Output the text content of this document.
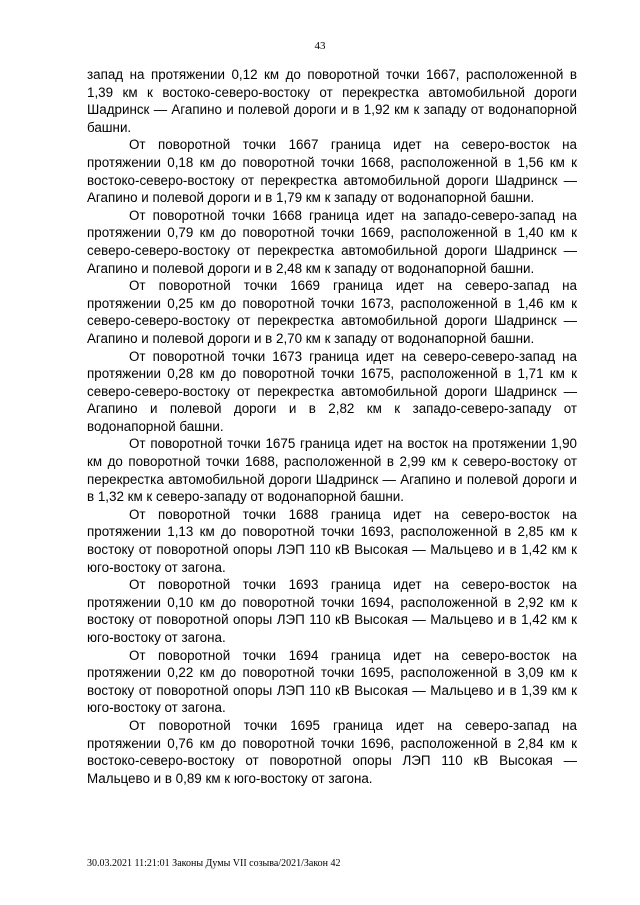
43

запад на протяжении 0,12 км до поворотной точки 1667, расположенной в 1,39 км к востоко-северо-востоку от перекрестка автомобильной дороги Шадринск — Агапино и полевой дороги и в 1,92 км к западу от водонапорной башни.

От поворотной точки 1667 граница идет на северо-восток на протяжении 0,18 км до поворотной точки 1668, расположенной в 1,56 км к востоко-северо-востоку от перекрестка автомобильной дороги Шадринск — Агапино и полевой дороги и в 1,79 км к западу от водонапорной башни.

От поворотной точки 1668 граница идет на западо-северо-запад на протяжении 0,79 км до поворотной точки 1669, расположенной в 1,40 км к северо-северо-востоку от перекрестка автомобильной дороги Шадринск — Агапино и полевой дороги и в 2,48 км к западу от водонапорной башни.

От поворотной точки 1669 граница идет на северо-запад на протяжении 0,25 км до поворотной точки 1673, расположенной в 1,46 км к северо-северо-востоку от перекрестка автомобильной дороги Шадринск — Агапино и полевой дороги и в 2,70 км к западу от водонапорной башни.

От поворотной точки 1673 граница идет на северо-северо-запад на протяжении 0,28 км до поворотной точки 1675, расположенной в 1,71 км к северо-северо-востоку от перекрестка автомобильной дороги Шадринск — Агапино и полевой дороги и в 2,82 км к западо-северо-западу от водонапорной башни.

От поворотной точки 1675 граница идет на восток на протяжении 1,90 км до поворотной точки 1688, расположенной в 2,99 км к северо-востоку от перекрестка автомобильной дороги Шадринск — Агапино и полевой дороги и в 1,32 км к северо-западу от водонапорной башни.

От поворотной точки 1688 граница идет на северо-восток на протяжении 1,13 км до поворотной точки 1693, расположенной в 2,85 км к востоку от поворотной опоры ЛЭП 110 кВ Высокая — Мальцево и в 1,42 км к юго-востоку от загона.

От поворотной точки 1693 граница идет на северо-восток на протяжении 0,10 км до поворотной точки 1694, расположенной в 2,92 км к востоку от поворотной опоры ЛЭП 110 кВ Высокая — Мальцево и в 1,42 км к юго-востоку от загона.

От поворотной точки 1694 граница идет на северо-восток на протяжении 0,22 км до поворотной точки 1695, расположенной в 3,09 км к востоку от поворотной опоры ЛЭП 110 кВ Высокая — Мальцево и в 1,39 км к юго-востоку от загона.

От поворотной точки 1695 граница идет на северо-запад на протяжении 0,76 км до поворотной точки 1696, расположенной в 2,84 км к востоко-северо-востоку от поворотной опоры ЛЭП 110 кВ Высокая — Мальцево и в 0,89 км к юго-востоку от загона.

30.03.2021 11:21:01 Законы Думы VII созыва/2021/Закон 42
